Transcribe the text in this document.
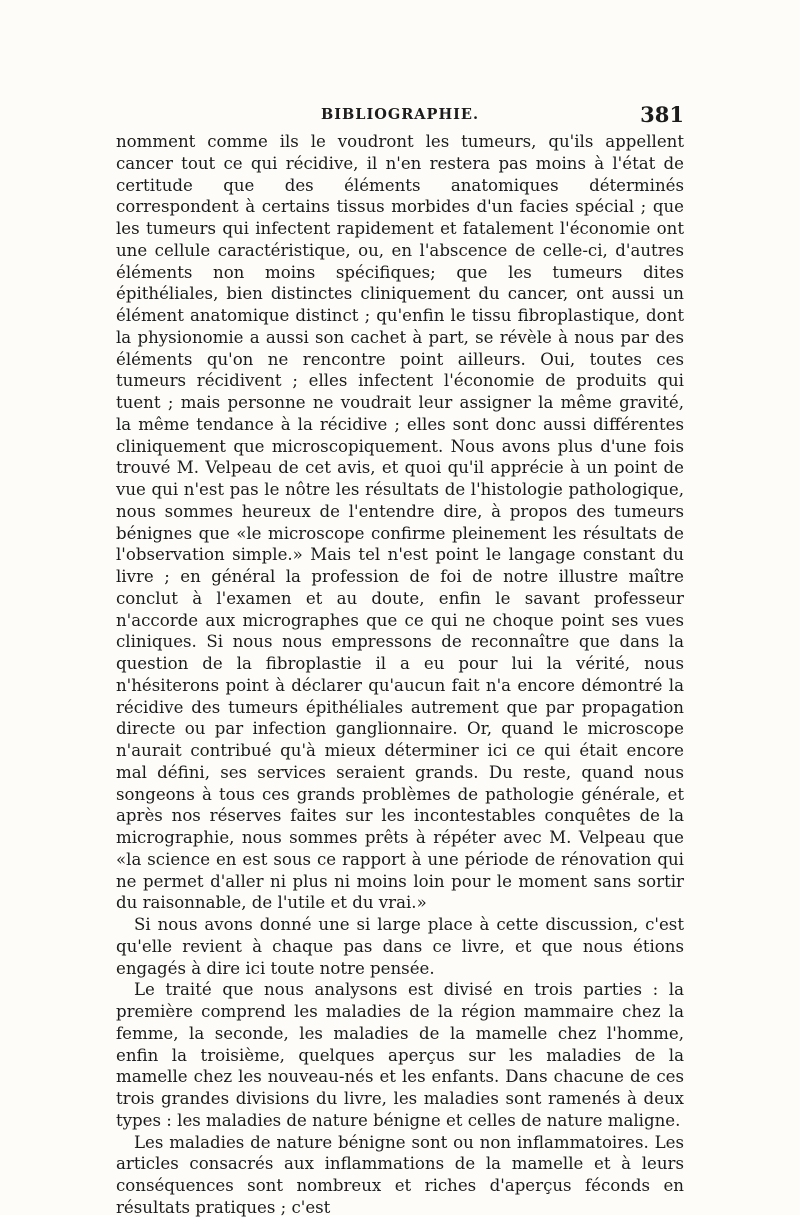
BIBLIOGRAPHIE.	381

nomment comme ils le voudront les tumeurs, qu'ils appellent cancer tout ce qui récidive, il n'en restera pas moins à l'état de certitude que des éléments anatomiques déterminés correspondent à certains tissus morbides d'un facies spécial ; que les tumeurs qui infectent rapidement et fatalement l'économie ont une cellule caractéristique, ou, en l'abscence de celle-ci, d'autres éléments non moins spécifiques; que les tumeurs dites épithéliales, bien distinctes cliniquement du cancer, ont aussi un élément anatomique distinct ; qu'enfin le tissu fibroplastique, dont la physionomie a aussi son cachet à part, se révèle à nous par des éléments qu'on ne rencontre point ailleurs. Oui, toutes ces tumeurs récidivent ; elles infectent l'économie de produits qui tuent ; mais personne ne voudrait leur assigner la même gravité, la même tendance à la récidive ; elles sont donc aussi différentes cliniquement que microscopiquement. Nous avons plus d'une fois trouvé M. Velpeau de cet avis, et quoi qu'il apprécie à un point de vue qui n'est pas le nôtre les résultats de l'histologie pathologique, nous sommes heureux de l'entendre dire, à propos des tumeurs bénignes que «le microscope confirme pleinement les résultats de l'observation simple.» Mais tel n'est point le langage constant du livre ; en général la profession de foi de notre illustre maître conclut à l'examen et au doute, enfin le savant professeur n'accorde aux micrographes que ce qui ne choque point ses vues cliniques. Si nous nous empressons de reconnaître que dans la question de la fibroplastie il a eu pour lui la vérité, nous n'hésiterons point à déclarer qu'aucun fait n'a encore démontré la récidive des tumeurs épithéliales autrement que par propagation directe ou par infection ganglionnaire. Or, quand le microscope n'aurait contribué qu'à mieux déterminer ici ce qui était encore mal défini, ses services seraient grands. Du reste, quand nous songeons à tous ces grands problèmes de pathologie générale, et après nos réserves faites sur les incontestables conquêtes de la micrographie, nous sommes prêts à répéter avec M. Velpeau que «la science en est sous ce rapport à une période de rénovation qui ne permet d'aller ni plus ni moins loin pour le moment sans sortir du raisonnable, de l'utile et du vrai.»

Si nous avons donné une si large place à cette discussion, c'est qu'elle revient à chaque pas dans ce livre, et que nous étions engagés à dire ici toute notre pensée.

Le traité que nous analysons est divisé en trois parties : la première comprend les maladies de la région mammaire chez la femme, la seconde, les maladies de la mamelle chez l'homme, enfin la troisième, quelques aperçus sur les maladies de la mamelle chez les nouveau-nés et les enfants. Dans chacune de ces trois grandes divisions du livre, les maladies sont ramenés à deux types : les maladies de nature bénigne et celles de nature maligne.

Les maladies de nature bénigne sont ou non inflammatoires. Les articles consacrés aux inflammations de la mamelle et à leurs conséquences sont nombreux et riches d'aperçus féconds en résultats pratiques ; c'est
